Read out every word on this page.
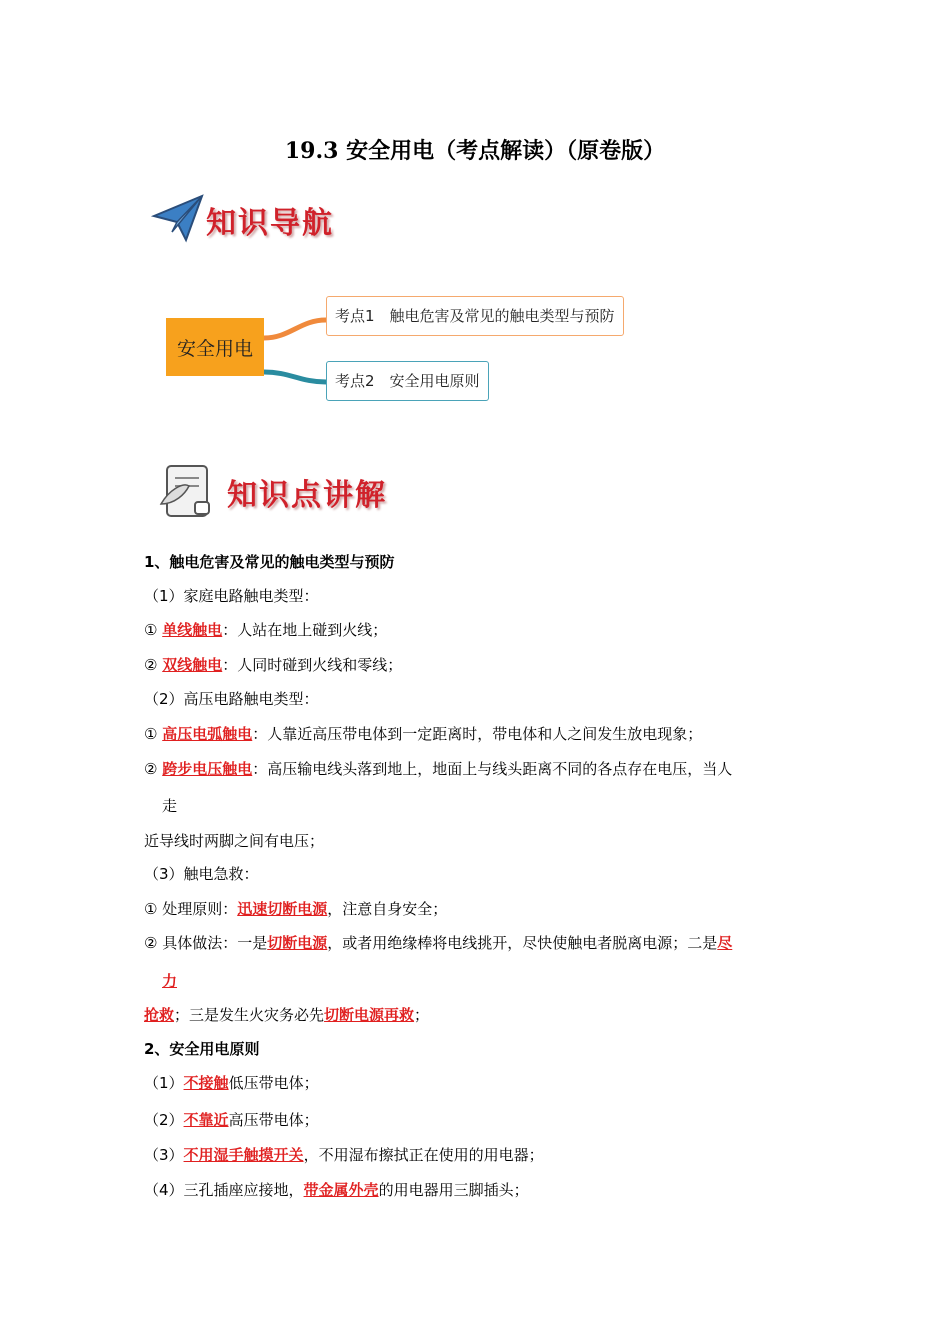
19.3 安全用电（考点解读）（原卷版）
知识导航
安全用电
考点1　触电危害及常见的触电类型与预防
考点2　安全用电原则
知识点讲解
1、触电危害及常见的触电类型与预防
（1）家庭电路触电类型：
① 单线触电：人站在地上碰到火线；
② 双线触电：人同时碰到火线和零线；
（2）高压电路触电类型：
① 高压电弧触电：人靠近高压带电体到一定距离时，带电体和人之间发生放电现象；
② 跨步电压触电：高压输电线头落到地上，地面上与线头距离不同的各点存在电压，当人
走
近导线时两脚之间有电压；
（3）触电急救：
① 处理原则：迅速切断电源，注意自身安全；
② 具体做法：一是切断电源，或者用绝缘棒将电线挑开，尽快使触电者脱离电源；二是尽
力
抢救；三是发生火灾务必先切断电源再救；
2、安全用电原则
（1）不接触低压带电体；
（2）不靠近高压带电体；
（3）不用湿手触摸开关，不用湿布擦拭正在使用的用电器；
（4）三孔插座应接地，带金属外壳的用电器用三脚插头；
